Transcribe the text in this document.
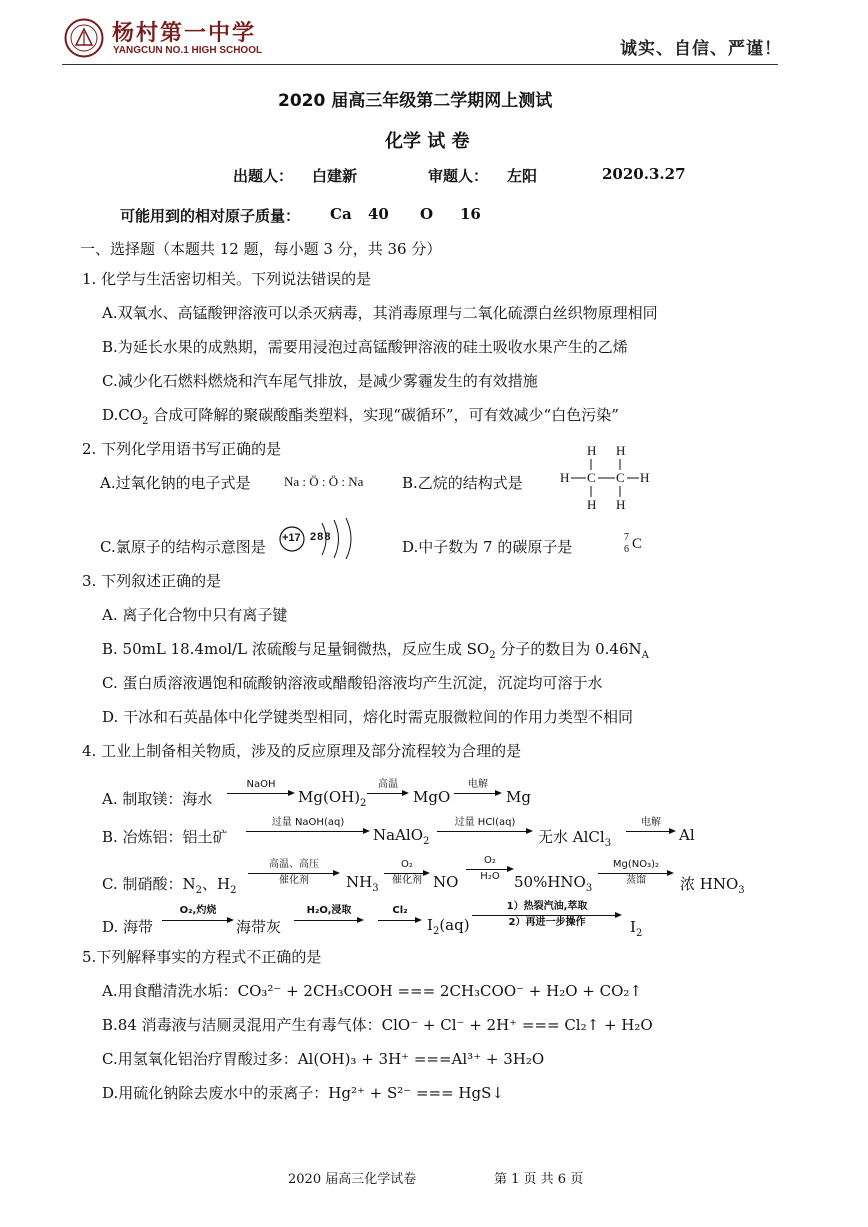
杨村第一中学
YANGCUN NO.1 HIGH SCHOOL	诚实、自信、严谨！
2020 届高三年级第二学期网上测试
化学 试 卷
出题人： 白建新	审题人： 左阳	2020.3.27
可能用到的相对原子质量： Ca 40 O 16
一、选择题（本题共 12 题，每小题 3 分，共 36 分）
1. 化学与生活密切相关。下列说法错误的是
A.双氧水、高锰酸钾溶液可以杀灭病毒，其消毒原理与二氧化硫漂白丝织物原理相同
B.为延长水果的成熟期，需要用浸泡过高锰酸钾溶液的硅土吸收水果产生的乙烯
C.减少化石燃料燃烧和汽车尾气排放，是减少雾霾发生的有效措施
$D.CO_2$ 合成可降解的聚碳酸酯类塑料，实现“碳循环”，可有效减少“白色污染”
2. 下列化学用语书写正确的是
A.过氧化钠的电子式是	Na : Ö : Ö : Na	B.乙烷的结构式是
H H
H C C H
H H
C.氯原子的结构示意图是 +17 2 8 8
D.中子数为 7 的碳原子是
7
6 C
3. 下列叙述正确的是
A. 离子化合物中只有离子键
B. 50mL 18.4mol/L 浓硫酸与足量铜微热，反应生成 $SO_2$ 分子的数目为 $0.46N_A$
C. 蛋白质溶液遇饱和硫酸钠溶液或醋酸铅溶液均产生沉淀，沉淀均可溶于水
D. 干冰和石英晶体中化学键类型相同，熔化时需克服微粒间的作用力类型不相同
4. 工业上制备相关物质，涉及的反应原理及部分流程较为合理的是
A. 制取镁：海水
NaOH
$Mg(OH)_2$
高温
MgO
电解
Mg
B. 冶炼铝：铝土矿
过量 NaOH(aq)
NaAlO$_2$
过量 HCl(aq)
无水 AlCl$_3$
电解
Al
C. 制硝酸：$N_2$、$H_2$
高温、高压
催化剂	$NH_3$
O₂
催化剂 NO
O₂
H₂O $50\%HNO_3$
Mg(NO₃)₂
蒸馏	浓 $HNO_3$
D. 海带
O₂,灼烧
海带灰
H₂O,浸取	Cl₂
$I_2(aq)$
1）热裂汽油,萃取
2）再进一步操作	$I_2$
5.下列解释事实的方程式不正确的是
A.用食醋清洗水垢：CO₃²⁻ + 2CH₃COOH === 2CH₃COO⁻ + H₂O + CO₂↑
B.84 消毒液与洁厕灵混用产生有毒气体：ClO⁻ + Cl⁻ + 2H⁺ === Cl₂↑ + H₂O
C.用氢氧化铝治疗胃酸过多：Al(OH)₃ + 3H⁺ ===Al³⁺ + 3H₂O
D.用硫化钠除去废水中的汞离子：Hg²⁺ + S²⁻ === HgS↓
2020 届高三化学试卷	第 1 页 共 6 页
